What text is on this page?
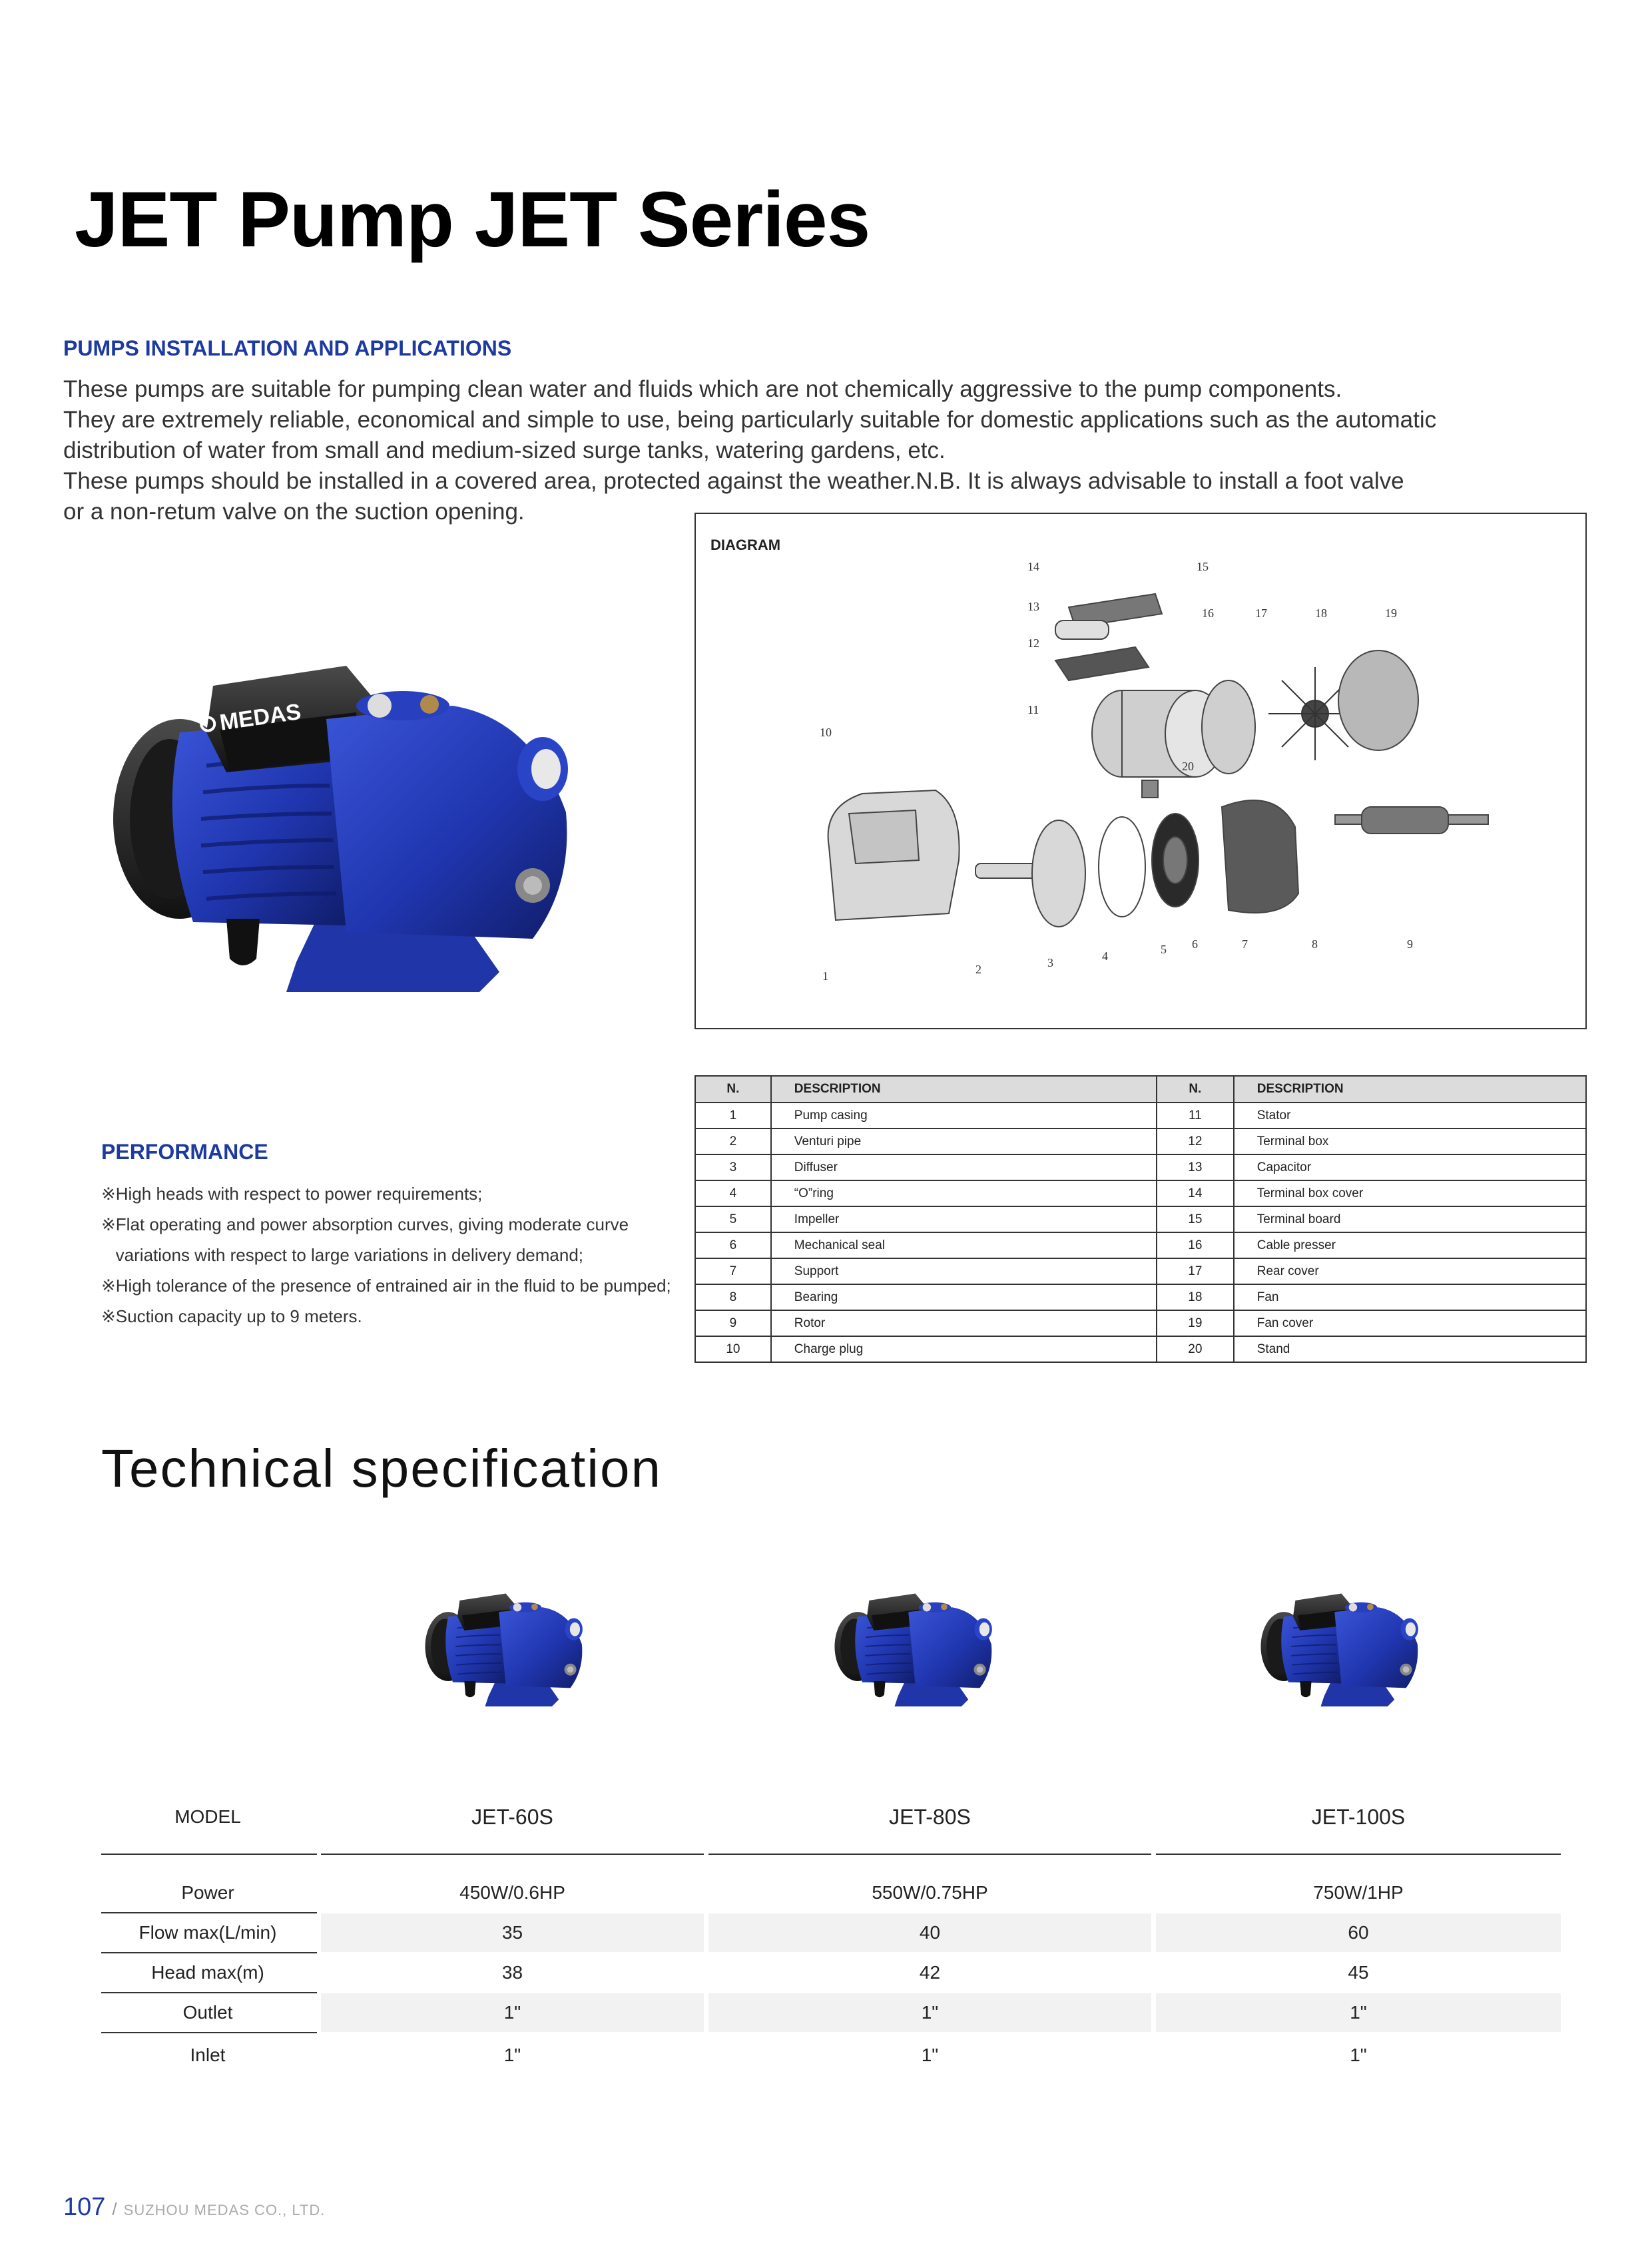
JET Pump JET Series
PUMPS INSTALLATION AND APPLICATIONS
These pumps are suitable for pumping clean water and fluids which are not chemically aggressive to the pump components.
They are extremely reliable, economical and simple to use, being particularly suitable for domestic applications such as the automatic
distribution of water from small and medium-sized surge tanks, watering gardens, etc.
These pumps should be installed in a covered area, protected against the weather.N.B. It is always advisable to install a foot valve
or a non-retum valve on the suction opening.
MEDAS
DIAGRAM
1	2	3	4	5 6	7	8	9
10
11
12
13
14	15
16	17	18	19
20
N.	DESCRIPTION	N.	DESCRIPTION
1	Pump casing	11	Stator
2	Venturi pipe	12	Terminal box
3	Diffuser	13	Capacitor
4	“O”ring	14	Terminal box cover
5	Impeller	15	Terminal board
6	Mechanical seal	16	Cable presser
7	Support	17	Rear cover
8	Bearing	18	Fan
9	Rotor	19	Fan cover
10	Charge plug	20	Stand
PERFORMANCE
※High heads with respect to power requirements;
※Flat operating and power absorption curves, giving moderate curve
variations with respect to large variations in delivery demand;
※High tolerance of the presence of entrained air in the fluid to be pumped;
※Suction capacity up to 9 meters.
Technical specification
MODEL	JET-60S	JET-80S	JET-100S
Power	450W/0.6HP	550W/0.75HP	750W/1HP
Flow max(L/min)	35	40	60
Head max(m)	38	42	45
Outlet	1"	1"	1"
Inlet	1"	1"	1"
107 / SUZHOU MEDAS CO., LTD.
